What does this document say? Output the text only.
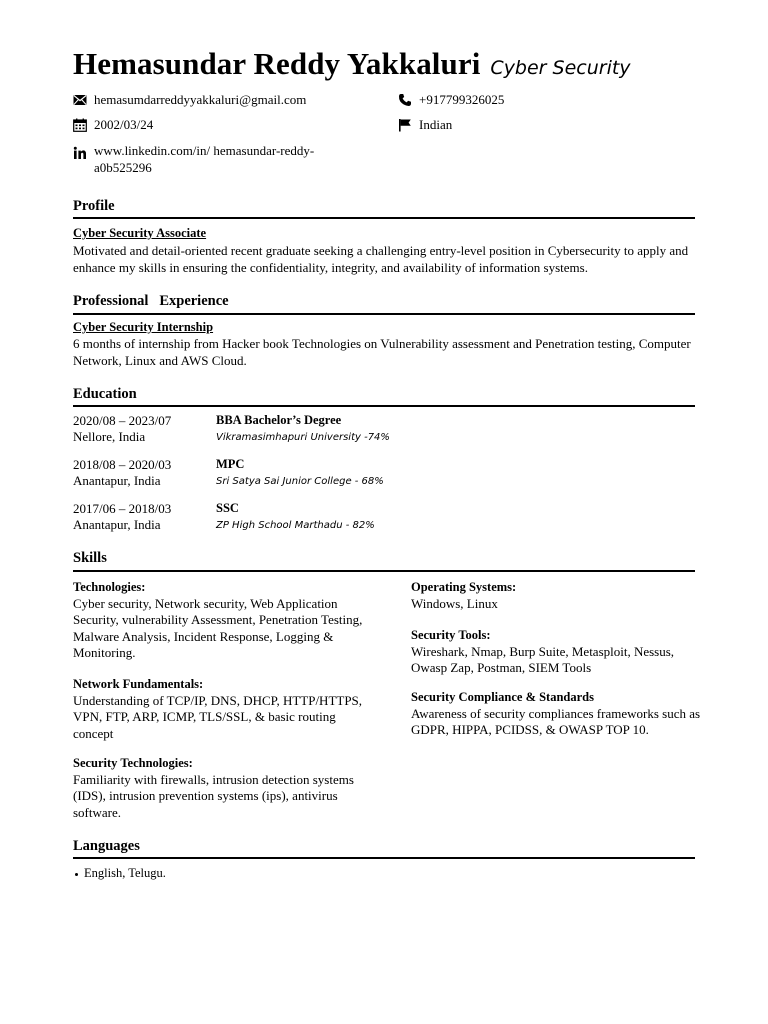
Hemasundar Reddy Yakkaluri Cyber Security
hemasumdarreddyyakkaluri@gmail.com	+917799326025
2002/03/24	Indian
www.linkedin.com/in/ hemasundar-reddy-
a0b525296
Profile
Cyber Security Associate
Motivated and detail-oriented recent graduate seeking a challenging entry-level position in Cybersecurity to apply and enhance my skills in ensuring the confidentiality, integrity, and availability of information systems.
Professional   Experience
Cyber Security Internship
6 months of internship from Hacker book Technologies on Vulnerability assessment and Penetration testing, Computer Network, Linux and AWS Cloud.
Education
2020/08 – 2023/07
Nellore, India
BBA Bachelor’s Degree
Vikramasimhapuri University -74%
2018/08 – 2020/03
Anantapur, India
MPC
Sri Satya Sai Junior College - 68%
2017/06 – 2018/03
Anantapur, India
SSC
ZP High School Marthadu - 82%
Skills
Technologies:
Cyber security, Network security, Web Application Security, vulnerability Assessment, Penetration Testing, Malware Analysis, Incident Response, Logging & Monitoring.
Network Fundamentals:
Understanding of TCP/IP, DNS, DHCP, HTTP/HTTPS, VPN, FTP, ARP, ICMP, TLS/SSL, & basic routing concept
Security Technologies:
Familiarity with firewalls, intrusion detection systems (IDS), intrusion prevention systems (ips), antivirus software.
Operating Systems:
Windows, Linux
Security Tools:
Wireshark, Nmap, Burp Suite, Metasploit, Nessus, Owasp Zap, Postman, SIEM Tools
Security Compliance & Standards
Awareness of security compliances frameworks such as GDPR, HIPPA, PCIDSS, & OWASP TOP 10.
Languages
English, Telugu.
